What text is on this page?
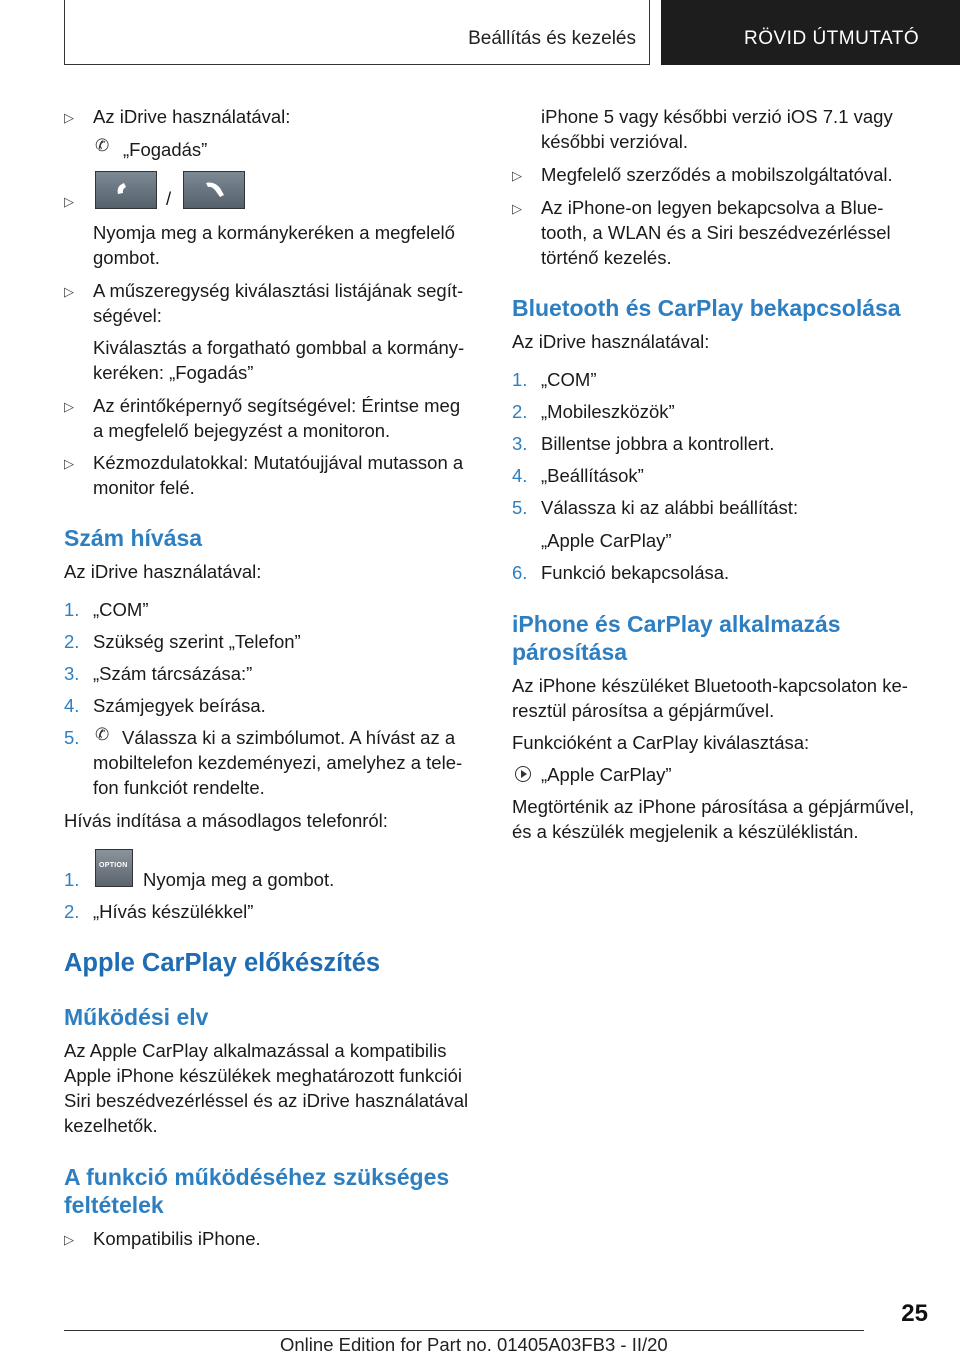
Beállítás és kezelés	RÖVID ÚTMUTATÓ
▷ Az iDrive használatával:
✆ „Fogadás”
▷	/
Nyomja meg a kormánykeréken a megfelelő
gombot.
▷ A műszeregység kiválasztási listájának segít‐
ségével:
Kiválasztás a forgatható gombbal a kormány‐
keréken: „Fogadás”
▷ Az érintőképernyő segítségével: Érintse meg
a megfelelő bejegyzést a monitoron.
▷ Kézmozdulatokkal: Mutatóujjával mutasson a
monitor felé.
Szám hívása
Az iDrive használatával:
1. „COM”
2. Szükség szerint „Telefon”
3. „Szám tárcsázása:”
4. Számjegyek beírása.
5. ✆ Válassza ki a szimbólumot. A hívást az a
mobiltelefon kezdeményezi, amelyhez a tele‐
fon funkciót rendelte.
Hívás indítása a másodlagos telefonról:
1.
OPTION
Nyomja meg a gombot.
2. „Hívás készülékkel”
Apple CarPlay előkészítés
Működési elv
Az Apple CarPlay alkalmazással a kompatibilis
Apple iPhone készülékek meghatározott funkciói
Siri beszédvezérléssel és az iDrive használatával
kezelhetők.
A funkció működéséhez szükséges
feltételek
▷ Kompatibilis iPhone.
iPhone 5 vagy későbbi verzió iOS 7.1 vagy
későbbi verzióval.
▷ Megfelelő szerződés a mobilszolgáltatóval.
▷ Az iPhone-on legyen bekapcsolva a Blue‐
tooth, a WLAN és a Siri beszédvezérléssel
történő kezelés.
Bluetooth és CarPlay bekapcsolása
Az iDrive használatával:
1. „COM”
2. „Mobileszközök”
3. Billentse jobbra a kontrollert.
4. „Beállítások”
5. Válassza ki az alábbi beállítást:
„Apple CarPlay”
6. Funkció bekapcsolása.
iPhone és CarPlay alkalmazás
párosítása
Az iPhone készüléket Bluetooth-kapcsolaton ke‐
resztül párosítsa a gépjárművel.
Funkcióként a CarPlay kiválasztása:
„Apple CarPlay”
Megtörténik az iPhone párosítása a gépjárművel,
és a készülék megjelenik a készüléklistán.
25
Online Edition for Part no. 01405A03FB3 - II/20
